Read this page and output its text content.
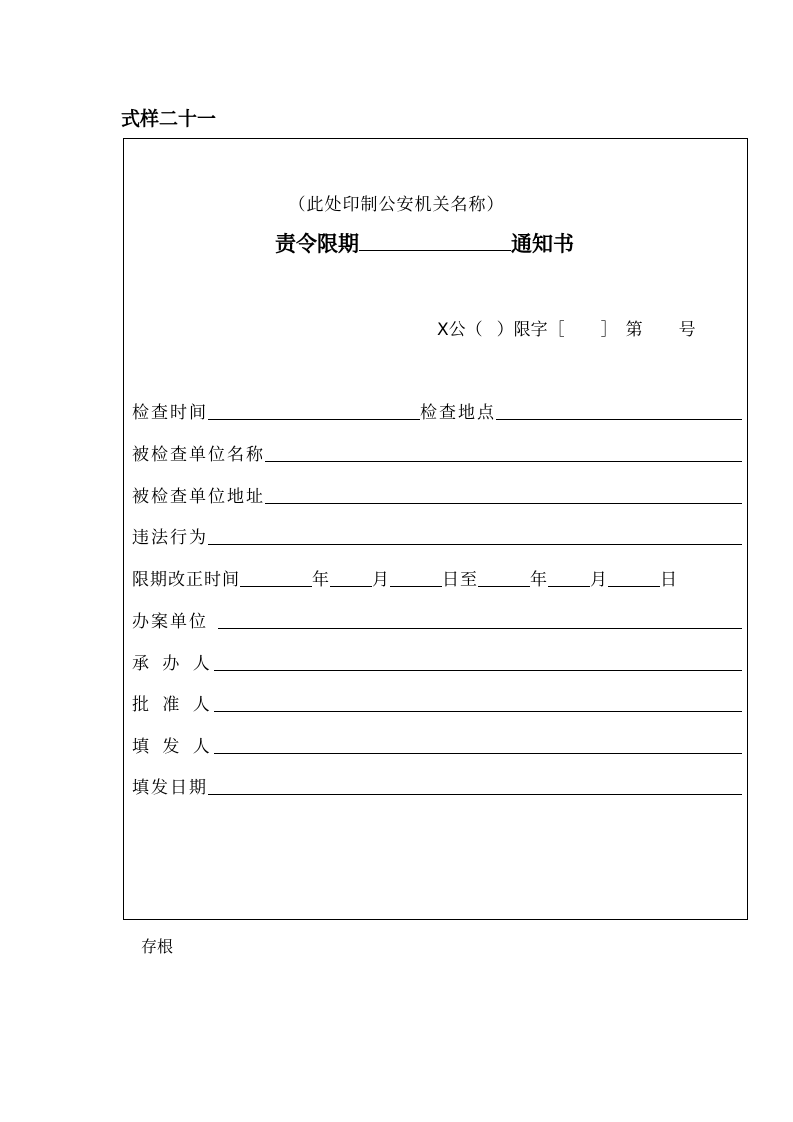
式样二十一
（此处印制公安机关名称）
责令限期	通知书
X公（ ）限字［ ］ 第 号
检查时间	检查地点
被检查单位名称
被检查单位地址
违法行为
限期改正时间	年 月	日 至	年 月	日
办案单位
承 办 人
批 准 人
填 发 人
填发日期
存根
